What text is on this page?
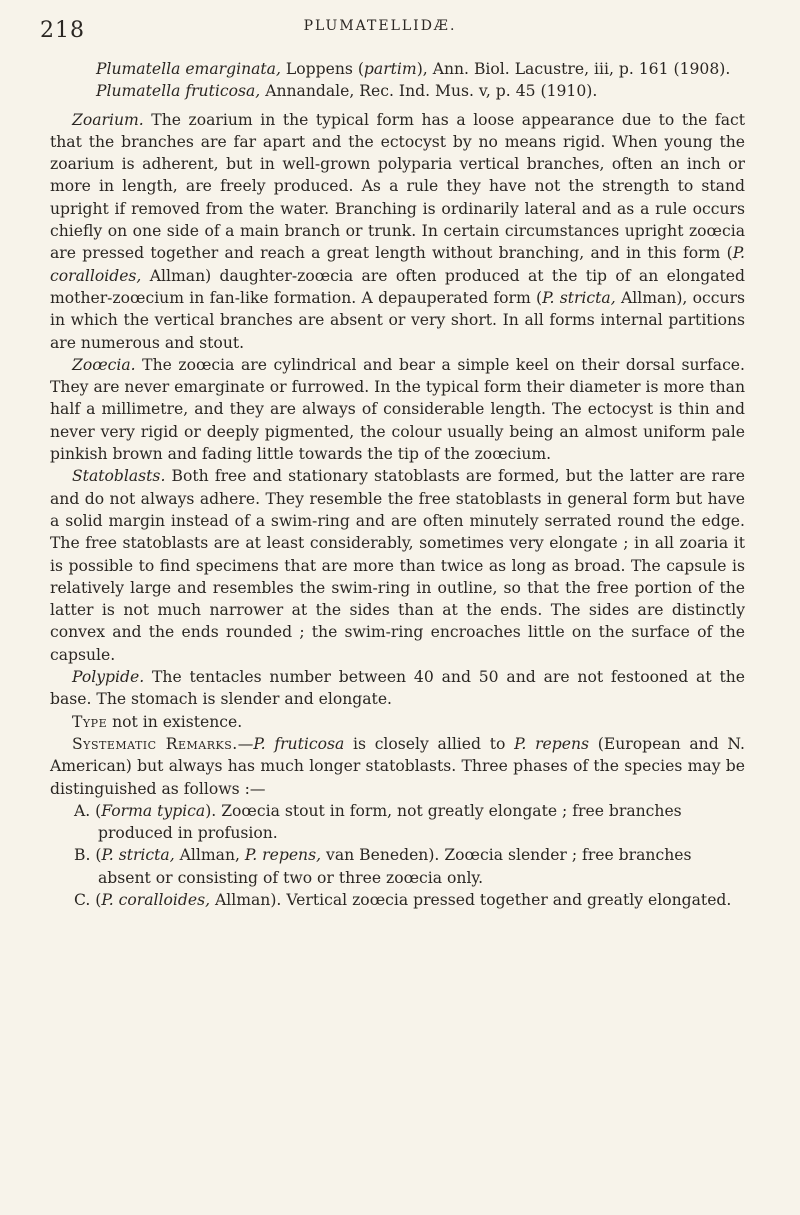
218	PLUMATELLIDÆ.

Plumatella emarginata, Loppens (partim), Ann. Biol. Lacustre, iii, p. 161 (1908).

Plumatella fruticosa, Annandale, Rec. Ind. Mus. v, p. 45 (1910).

Zoarium. The zoarium in the typical form has a loose appearance due to the fact that the branches are far apart and the ectocyst by no means rigid. When young the zoarium is adherent, but in well-grown polyparia vertical branches, often an inch or more in length, are freely produced. As a rule they have not the strength to stand upright if removed from the water. Branching is ordinarily lateral and as a rule occurs chiefly on one side of a main branch or trunk. In certain circumstances upright zoœcia are pressed together and reach a great length without branching, and in this form (P. coralloides, Allman) daughter-zoœcia are often produced at the tip of an elongated mother-zoœcium in fan-like formation. A depauperated form (P. stricta, Allman), occurs in which the vertical branches are absent or very short. In all forms internal partitions are numerous and stout.

Zoœcia. The zoœcia are cylindrical and bear a simple keel on their dorsal surface. They are never emarginate or furrowed. In the typical form their diameter is more than half a millimetre, and they are always of considerable length. The ectocyst is thin and never very rigid or deeply pigmented, the colour usually being an almost uniform pale pinkish brown and fading little towards the tip of the zoœcium.

Statoblasts. Both free and stationary statoblasts are formed, but the latter are rare and do not always adhere. They resemble the free statoblasts in general form but have a solid margin instead of a swim-ring and are often minutely serrated round the edge. The free statoblasts are at least considerably, sometimes very elongate ; in all zoaria it is possible to find specimens that are more than twice as long as broad. The capsule is relatively large and resembles the swim-ring in outline, so that the free portion of the latter is not much narrower at the sides than at the ends. The sides are distinctly convex and the ends rounded ; the swim-ring encroaches little on the surface of the capsule.

Polypide. The tentacles number between 40 and 50 and are not festooned at the base. The stomach is slender and elongate.

Type not in existence.

Systematic Remarks.—P. fruticosa is closely allied to P. repens (European and N. American) but always has much longer statoblasts. Three phases of the species may be distinguished as follows :—

A. (Forma typica). Zoœcia stout in form, not greatly elongate ; free branches produced in profusion.

B. (P. stricta, Allman, P. repens, van Beneden). Zoœcia slender ; free branches absent or consisting of two or three zoœcia only.

C. (P. coralloides, Allman). Vertical zoœcia pressed together and greatly elongated.
